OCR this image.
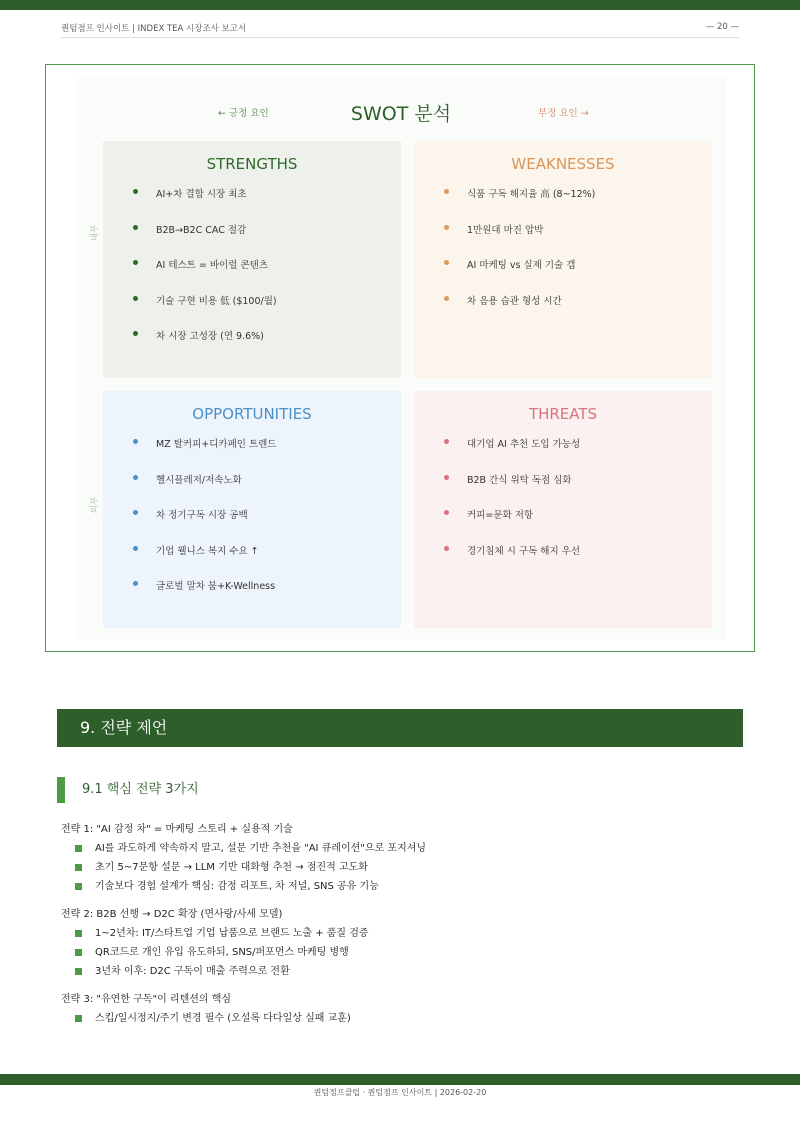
퀀텀점프 인사이트 | INDEX TEA 시장조사 보고서	— 20 —
SWOT 분석
← 긍정 요인	부정 요인 →
내부
외부
STRENGTHS
AI+차 결합 시장 최초
B2B→B2C CAC 절감
AI 테스트 = 바이럴 콘텐츠
기술 구현 비용 低 ($100/월)
차 시장 고성장 (연 9.6%)
WEAKNESSES
식품 구독 해지율 高 (8~12%)
1만원대 마진 압박
AI 마케팅 vs 실제 기술 갭
차 음용 습관 형성 시간
OPPORTUNITIES
MZ 탈커피+디카페인 트렌드
헬시플레저/저속노화
차 정기구독 시장 공백
기업 웰니스 복지 수요 ↑
글로벌 말차 붐+K-Wellness
THREATS
대기업 AI 추천 도입 가능성
B2B 간식 위탁 독점 심화
커피=문화 저항
경기침체 시 구독 해지 우선
9. 전략 제언
9.1 핵심 전략 3가지
전략 1: "AI 감정 차" = 마케팅 스토리 + 실용적 기술
AI를 과도하게 약속하지 말고, 설문 기반 추천을 "AI 큐레이션"으로 포지셔닝
초기 5~7문항 설문 → LLM 기반 대화형 추천 → 점진적 고도화
기술보다 경험 설계가 핵심: 감정 리포트, 차 저널, SNS 공유 기능
전략 2: B2B 선행 → D2C 확장 (면사랑/사세 모델)
1~2년차: IT/스타트업 기업 납품으로 브랜드 노출 + 품질 검증
QR코드로 개인 유입 유도하되, SNS/퍼포먼스 마케팅 병행
3년차 이후: D2C 구독이 매출 주력으로 전환
전략 3: "유연한 구독"이 리텐션의 핵심
스킵/일시정지/주기 변경 필수 (오설록 다다일상 실패 교훈)
퀀텀점프클럽 · 퀀텀점프 인사이트 | 2026-02-20
